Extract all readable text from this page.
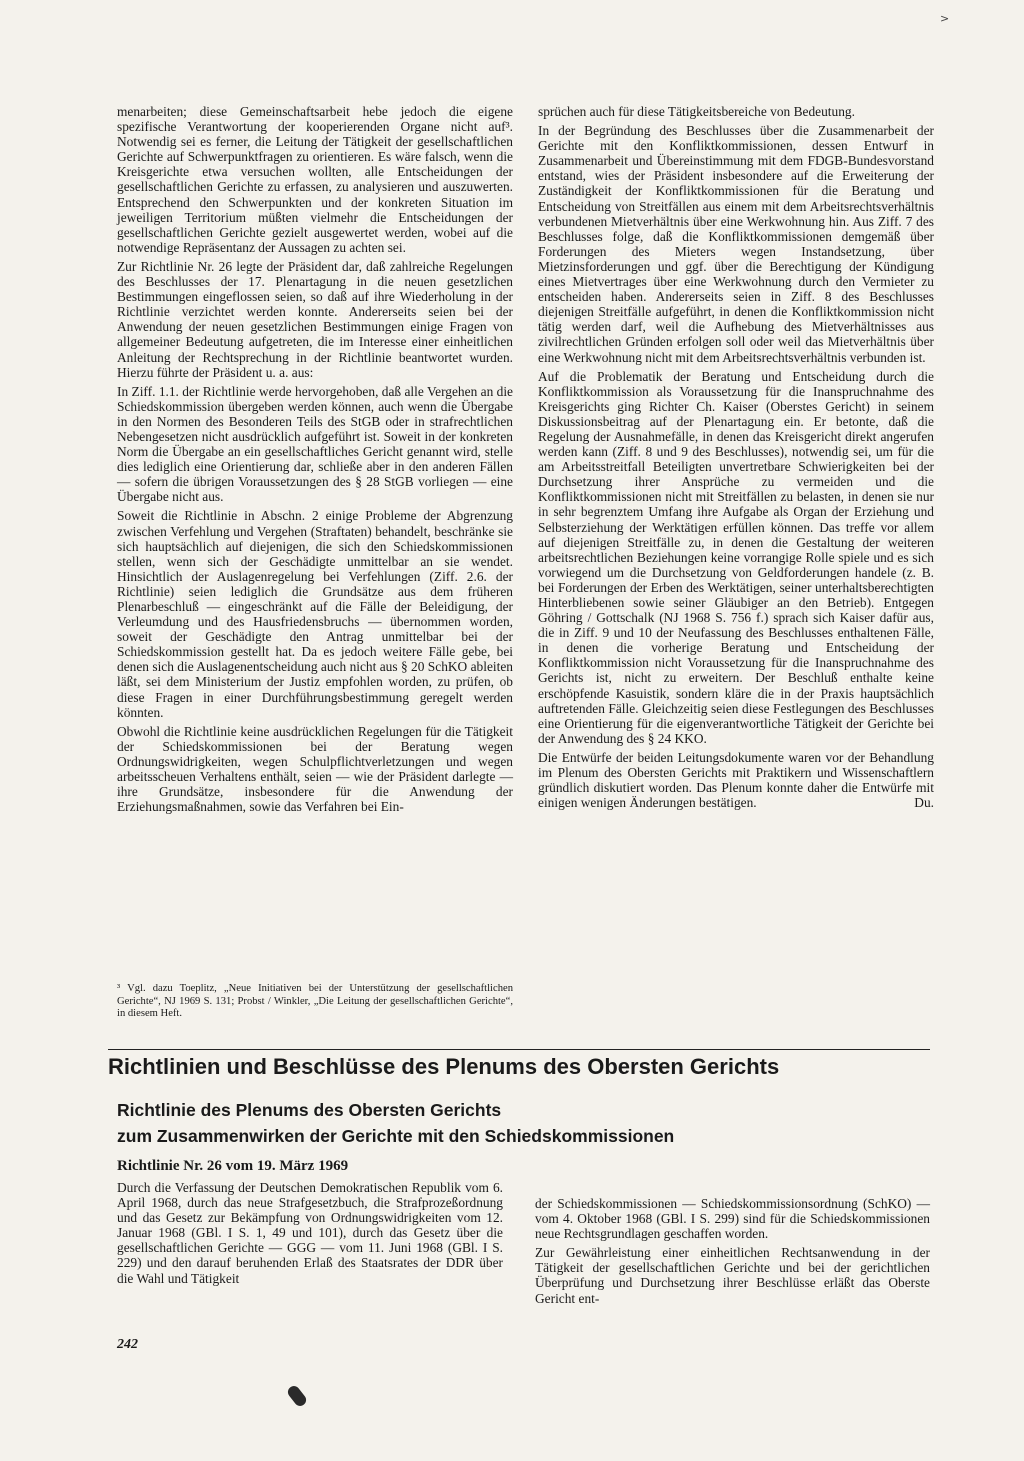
>

menarbeiten; diese Gemeinschaftsarbeit hebe jedoch die eigene spezifische Verantwortung der kooperierenden Organe nicht auf³. Notwendig sei es ferner, die Leitung der Tätigkeit der gesellschaftlichen Gerichte auf Schwerpunktfragen zu orientieren. Es wäre falsch, wenn die Kreisgerichte etwa versuchen wollten, alle Entscheidungen der gesellschaftlichen Gerichte zu erfassen, zu analysieren und auszuwerten. Entsprechend den Schwerpunkten und der konkreten Situation im jeweiligen Territorium müßten vielmehr die Entscheidungen der gesellschaftlichen Gerichte gezielt ausgewertet werden, wobei auf die notwendige Repräsentanz der Aussagen zu achten sei.

Zur Richtlinie Nr. 26 legte der Präsident dar, daß zahlreiche Regelungen des Beschlusses der 17. Plenartagung in die neuen gesetzlichen Bestimmungen eingeflossen seien, so daß auf ihre Wiederholung in der Richtlinie verzichtet werden konnte. Andererseits seien bei der Anwendung der neuen gesetzlichen Bestimmungen einige Fragen von allgemeiner Bedeutung aufgetreten, die im Interesse einer einheitlichen Anleitung der Rechtsprechung in der Richtlinie beantwortet wurden. Hierzu führte der Präsident u. a. aus:

In Ziff. 1.1. der Richtlinie werde hervorgehoben, daß alle Vergehen an die Schiedskommission übergeben werden können, auch wenn die Übergabe in den Normen des Besonderen Teils des StGB oder in strafrechtlichen Nebengesetzen nicht ausdrücklich aufgeführt ist. Soweit in der konkreten Norm die Übergabe an ein gesellschaftliches Gericht genannt wird, stelle dies lediglich eine Orientierung dar, schließe aber in den anderen Fällen — sofern die übrigen Voraussetzungen des § 28 StGB vorliegen — eine Übergabe nicht aus.

Soweit die Richtlinie in Abschn. 2 einige Probleme der Abgrenzung zwischen Verfehlung und Vergehen (Straftaten) behandelt, beschränke sie sich hauptsächlich auf diejenigen, die sich den Schiedskommissionen stellen, wenn sich der Geschädigte unmittelbar an sie wendet. Hinsichtlich der Auslagenregelung bei Verfehlungen (Ziff. 2.6. der Richtlinie) seien lediglich die Grundsätze aus dem früheren Plenarbeschluß — eingeschränkt auf die Fälle der Beleidigung, der Verleumdung und des Hausfriedensbruchs — übernommen worden, soweit der Geschädigte den Antrag unmittelbar bei der Schiedskommission gestellt hat. Da es jedoch weitere Fälle gebe, bei denen sich die Auslagenentscheidung auch nicht aus § 20 SchKO ableiten läßt, sei dem Ministerium der Justiz empfohlen worden, zu prüfen, ob diese Fragen in einer Durchführungsbestimmung geregelt werden könnten.

Obwohl die Richtlinie keine ausdrücklichen Regelungen für die Tätigkeit der Schiedskommissionen bei der Beratung wegen Ordnungswidrigkeiten, wegen Schulpflichtverletzungen und wegen arbeitsscheuen Verhaltens enthält, seien — wie der Präsident darlegte — ihre Grundsätze, insbesondere für die Anwendung der Erziehungsmaßnahmen, sowie das Verfahren bei Ein-

³ Vgl. dazu Toeplitz, „Neue Initiativen bei der Unterstützung der gesellschaftlichen Gerichte“, NJ 1969 S. 131; Probst / Winkler, „Die Leitung der gesellschaftlichen Gerichte“, in diesem Heft.

sprüchen auch für diese Tätigkeitsbereiche von Bedeutung.

In der Begründung des Beschlusses über die Zusammenarbeit der Gerichte mit den Konfliktkommissionen, dessen Entwurf in Zusammenarbeit und Übereinstimmung mit dem FDGB-Bundesvorstand entstand, wies der Präsident insbesondere auf die Erweiterung der Zuständigkeit der Konfliktkommissionen für die Beratung und Entscheidung von Streitfällen aus einem mit dem Arbeitsrechtsverhältnis verbundenen Mietverhältnis über eine Werkwohnung hin. Aus Ziff. 7 des Beschlusses folge, daß die Konfliktkommissionen demgemäß über Forderungen des Mieters wegen Instandsetzung, über Mietzinsforderungen und ggf. über die Berechtigung der Kündigung eines Mietvertrages über eine Werkwohnung durch den Vermieter zu entscheiden haben. Andererseits seien in Ziff. 8 des Beschlusses diejenigen Streitfälle aufgeführt, in denen die Konfliktkommission nicht tätig werden darf, weil die Aufhebung des Mietverhältnisses aus zivilrechtlichen Gründen erfolgen soll oder weil das Mietverhältnis über eine Werkwohnung nicht mit dem Arbeitsrechtsverhältnis verbunden ist.

Auf die Problematik der Beratung und Entscheidung durch die Konfliktkommission als Voraussetzung für die Inanspruchnahme des Kreisgerichts ging Richter Ch. Kaiser (Oberstes Gericht) in seinem Diskussionsbeitrag auf der Plenartagung ein. Er betonte, daß die Regelung der Ausnahmefälle, in denen das Kreisgericht direkt angerufen werden kann (Ziff. 8 und 9 des Beschlusses), notwendig sei, um für die am Arbeitsstreitfall Beteiligten unvertretbare Schwierigkeiten bei der Durchsetzung ihrer Ansprüche zu vermeiden und die Konfliktkommissionen nicht mit Streitfällen zu belasten, in denen sie nur in sehr begrenztem Umfang ihre Aufgabe als Organ der Erziehung und Selbsterziehung der Werktätigen erfüllen können. Das treffe vor allem auf diejenigen Streitfälle zu, in denen die Gestaltung der weiteren arbeitsrechtlichen Beziehungen keine vorrangige Rolle spiele und es sich vorwiegend um die Durchsetzung von Geldforderungen handele (z. B. bei Forderungen der Erben des Werktätigen, seiner unterhaltsberechtigten Hinterbliebenen sowie seiner Gläubiger an den Betrieb). Entgegen Göhring / Gottschalk (NJ 1968 S. 756 f.) sprach sich Kaiser dafür aus, die in Ziff. 9 und 10 der Neufassung des Beschlusses enthaltenen Fälle, in denen die vorherige Beratung und Entscheidung der Konfliktkommission nicht Voraussetzung für die Inanspruchnahme des Gerichts ist, nicht zu erweitern. Der Beschluß enthalte keine erschöpfende Kasuistik, sondern kläre die in der Praxis hauptsächlich auftretenden Fälle. Gleichzeitig seien diese Festlegungen des Beschlusses eine Orientierung für die eigenverantwortliche Tätigkeit der Gerichte bei der Anwendung des § 24 KKO.

Die Entwürfe der beiden Leitungsdokumente waren vor der Behandlung im Plenum des Obersten Gerichts mit Praktikern und Wissenschaftlern gründlich diskutiert worden. Das Plenum konnte daher die Entwürfe mit einigen wenigen Änderungen bestätigen.	Du.

Richtlinien und Beschlüsse des Plenums des Obersten Gerichts
Richtlinie des Plenums des Obersten Gerichts
zum Zusammenwirken der Gerichte mit den Schiedskommissionen
Richtlinie Nr. 26 vom 19. März 1969

Durch die Verfassung der Deutschen Demokratischen Republik vom 6. April 1968, durch das neue Strafgesetzbuch, die Strafprozeßordnung und das Gesetz zur Bekämpfung von Ordnungswidrigkeiten vom 12. Januar 1968 (GBl. I S. 1, 49 und 101), durch das Gesetz über die gesellschaftlichen Gerichte — GGG — vom 11. Juni 1968 (GBl. I S. 229) und den darauf beruhenden Erlaß des Staatsrates der DDR über die Wahl und Tätigkeit

der Schiedskommissionen — Schiedskommissionsordnung (SchKO) — vom 4. Oktober 1968 (GBl. I S. 299) sind für die Schiedskommissionen neue Rechtsgrundlagen geschaffen worden.

Zur Gewährleistung einer einheitlichen Rechtsanwendung in der Tätigkeit der gesellschaftlichen Gerichte und bei der gerichtlichen Überprüfung und Durchsetzung ihrer Beschlüsse erläßt das Oberste Gericht ent-

242
